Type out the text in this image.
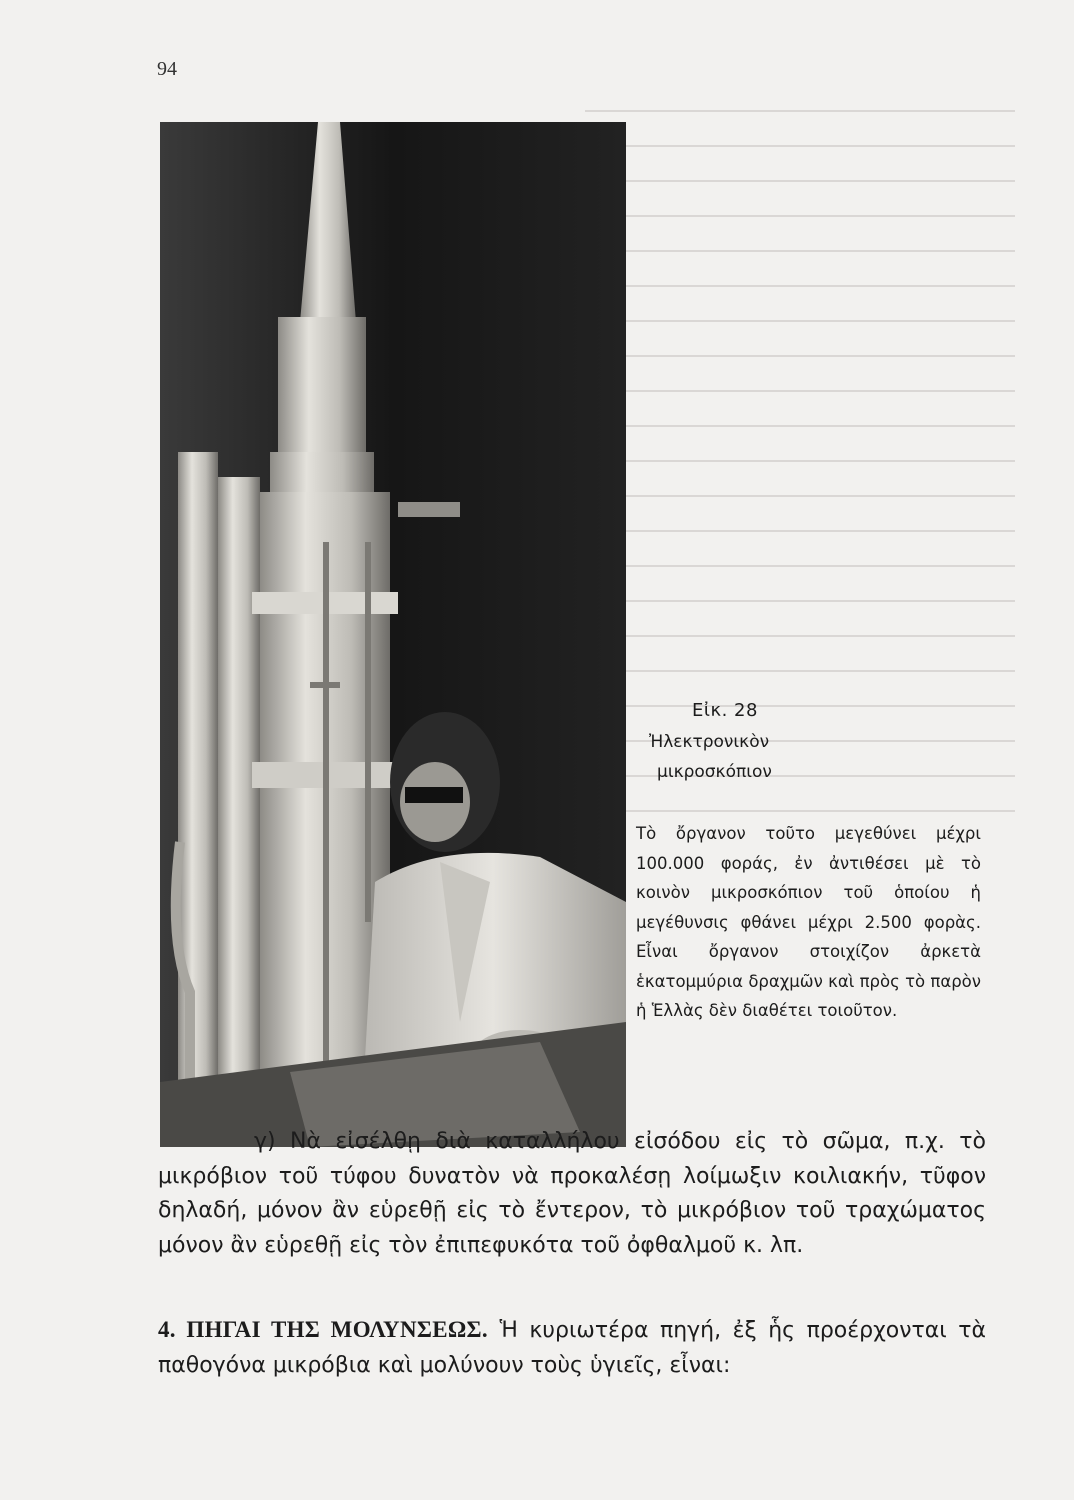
94
Εἰκ. 28
Ἠλεκτρονικὸν
μικροσκόπιον
Τὸ ὄργανον τοῦτο μεγεθύνει μέχρι 100.000 φοράς, ἐν ἀντιθέσει μὲ τὸ κοινὸν μικροσκόπιον τοῦ ὁποίου ἡ μεγέθυνσις φθάνει μέχρι 2.500 φορὰς. Εἶναι ὄργανον στοιχίζον ἀρκετὰ ἑκατομμύρια δραχμῶν καὶ πρὸς τὸ παρὸν ἡ Ἑλλὰς δὲν διαθέτει τοιοῦτον.
γ) Νὰ εἰσέλθῃ διὰ καταλλήλου εἰσόδου εἰς τὸ σῶμα, π.χ. τὸ μικρόβιον τοῦ τύφου δυνατὸν νὰ προκαλέσῃ λοίμωξιν κοιλιακήν, τῦφον δηλαδή, μόνον ἂν εὑρεθῇ εἰς τὸ ἔντερον, τὸ μικρόβιον τοῦ τραχώματος μόνον ἂν εὑρεθῇ εἰς τὸν ἐπιπεφυκότα τοῦ ὀφθαλμοῦ κ. λπ.
4. ΠΗΓΑΙ ΤΗΣ ΜΟΛΥΝΣΕΩΣ. Ἡ κυριωτέρα πηγή, ἐξ ἧς προέρχονται τὰ παθογόνα μικρόβια καὶ μολύνουν τοὺς ὑγιεῖς, εἶναι:
